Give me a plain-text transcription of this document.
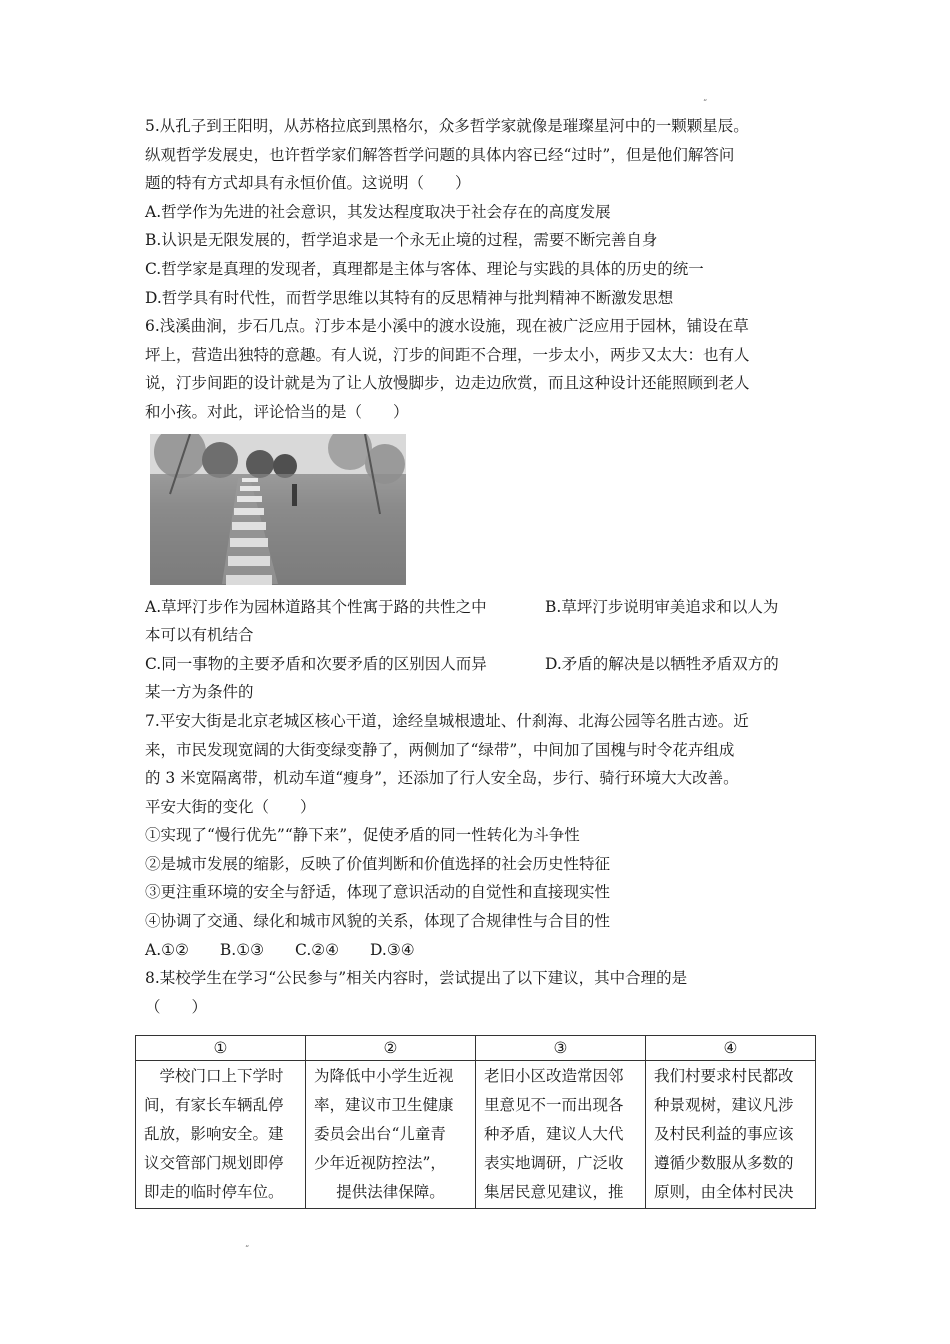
“
5.从孔子到王阳明，从苏格拉底到黑格尔，众多哲学家就像是璀璨星河中的一颗颗星辰。
纵观哲学发展史，也许哲学家们解答哲学问题的具体内容已经“过时”，但是他们解答问
题的特有方式却具有永恒价值。这说明（　　）
A.哲学作为先进的社会意识，其发达程度取决于社会存在的高度发展
B.认识是无限发展的，哲学追求是一个永无止境的过程，需要不断完善自身
C.哲学家是真理的发现者，真理都是主体与客体、理论与实践的具体的历史的统一
D.哲学具有时代性，而哲学思维以其特有的反思精神与批判精神不断激发思想
6.浅溪曲涧，步石几点。汀步本是小溪中的渡水设施，现在被广泛应用于园林，铺设在草
坪上，营造出独特的意趣。有人说，汀步的间距不合理，一步太小，两步又太大：也有人
说，汀步间距的设计就是为了让人放慢脚步，边走边欣赏，而且这种设计还能照顾到老人
和小孩。对此，评论恰当的是（　　）
A.草坪汀步作为园林道路其个性寓于路的共性之中	B.草坪汀步说明审美追求和以人为
本可以有机结合
C.同一事物的主要矛盾和次要矛盾的区别因人而异	D.矛盾的解决是以牺牲矛盾双方的
某一方为条件的
7.平安大街是北京老城区核心干道，途经皇城根遗址、什刹海、北海公园等名胜古迹。近
来，市民发现宽阔的大街变绿变静了，两侧加了“绿带”，中间加了国槐与时令花卉组成
的 3 米宽隔离带，机动车道“瘦身”，还添加了行人安全岛，步行、骑行环境大大改善。
平安大街的变化（　　）
①实现了“慢行优先”“静下来”，促使矛盾的同一性转化为斗争性
②是城市发展的缩影，反映了价值判断和价值选择的社会历史性特征
③更注重环境的安全与舒适，体现了意识活动的自觉性和直接现实性
④协调了交通、绿化和城市风貌的关系，体现了合规律性与合目的性
A.①②　　B.①③　　C.②④　　D.③④
8.某校学生在学习“公民参与”相关内容时，尝试提出了以下建议，其中合理的是
（　　）
①	②	③	④

　学校门口上下学时
间，有家长车辆乱停
乱放，影响安全。建
议交管部门规划即停
即走的临时停车位。	为降低中小学生近视
率，建议市卫生健康
委员会出台“儿童青
少年近视防控法”，
提供法律保障。	老旧小区改造常因邻
里意见不一而出现各
种矛盾，建议人大代
表实地调研，广泛收
集居民意见建议，推	我们村要求村民都改
种景观树，建议凡涉
及村民利益的事应该
遵循少数服从多数的
原则，由全体村民决
“
